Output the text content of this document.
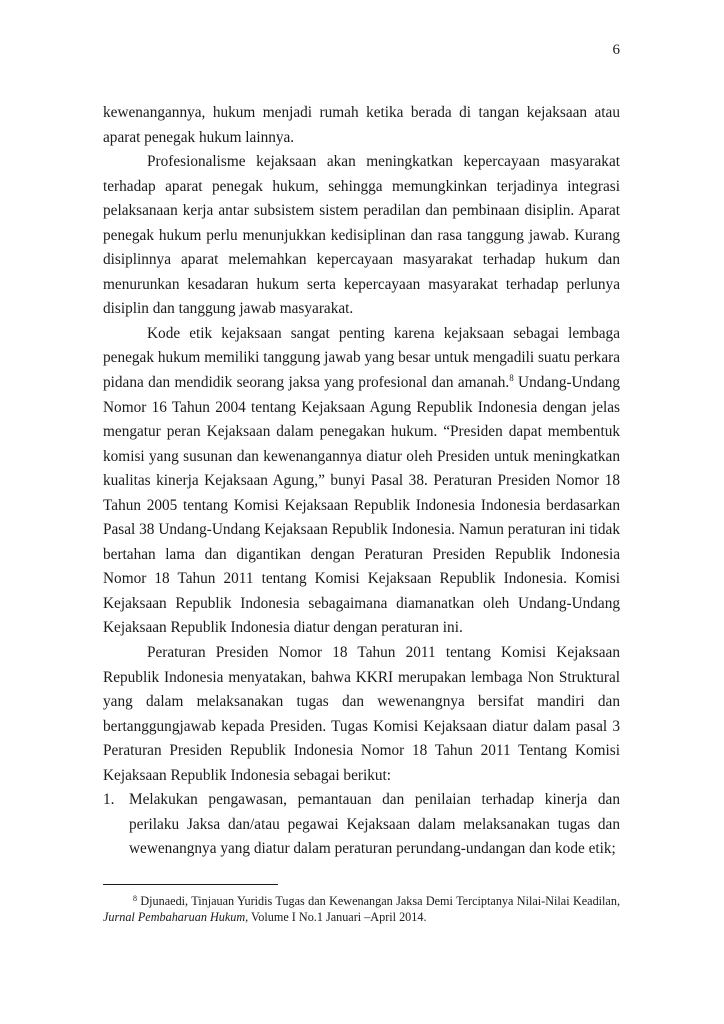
6

kewenangannya, hukum menjadi rumah ketika berada di tangan kejaksaan atau aparat penegak hukum lainnya.

Profesionalisme kejaksaan akan meningkatkan kepercayaan masyarakat terhadap aparat penegak hukum, sehingga memungkinkan terjadinya integrasi pelaksanaan kerja antar subsistem sistem peradilan dan pembinaan disiplin. Aparat penegak hukum perlu menunjukkan kedisiplinan dan rasa tanggung jawab. Kurang disiplinnya aparat melemahkan kepercayaan masyarakat terhadap hukum dan menurunkan kesadaran hukum serta kepercayaan masyarakat terhadap perlunya disiplin dan tanggung jawab masyarakat.

Kode etik kejaksaan sangat penting karena kejaksaan sebagai lembaga penegak hukum memiliki tanggung jawab yang besar untuk mengadili suatu perkara pidana dan mendidik seorang jaksa yang profesional dan amanah.$^8$ Undang-Undang Nomor 16 Tahun 2004 tentang Kejaksaan Agung Republik Indonesia dengan jelas mengatur peran Kejaksaan dalam penegakan hukum. “Presiden dapat membentuk komisi yang susunan dan kewenangannya diatur oleh Presiden untuk meningkatkan kualitas kinerja Kejaksaan Agung,” bunyi Pasal 38. Peraturan Presiden Nomor 18 Tahun 2005 tentang Komisi Kejaksaan Republik Indonesia Indonesia berdasarkan Pasal 38 Undang-Undang Kejaksaan Republik Indonesia. Namun peraturan ini tidak bertahan lama dan digantikan dengan Peraturan Presiden Republik Indonesia Nomor 18 Tahun 2011 tentang Komisi Kejaksaan Republik Indonesia. Komisi Kejaksaan Republik Indonesia sebagaimana diamanatkan oleh Undang-Undang Kejaksaan Republik Indonesia diatur dengan peraturan ini.

Peraturan Presiden Nomor 18 Tahun 2011 tentang Komisi Kejaksaan Republik Indonesia menyatakan, bahwa KKRI merupakan lembaga Non Struktural yang dalam melaksanakan tugas dan wewenangnya bersifat mandiri dan bertanggungjawab kepada Presiden. Tugas Komisi Kejaksaan diatur dalam pasal 3 Peraturan Presiden Republik Indonesia Nomor 18 Tahun 2011 Tentang Komisi Kejaksaan Republik Indonesia sebagai berikut:

1. Melakukan pengawasan, pemantauan dan penilaian terhadap kinerja dan perilaku Jaksa dan/atau pegawai Kejaksaan dalam melaksanakan tugas dan wewenangnya yang diatur dalam peraturan perundang-undangan dan kode etik;

$^8$ Djunaedi, Tinjauan Yuridis Tugas dan Kewenangan Jaksa Demi Terciptanya Nilai-Nilai Keadilan, Jurnal Pembaharuan Hukum, Volume I No.1 Januari –April 2014.
